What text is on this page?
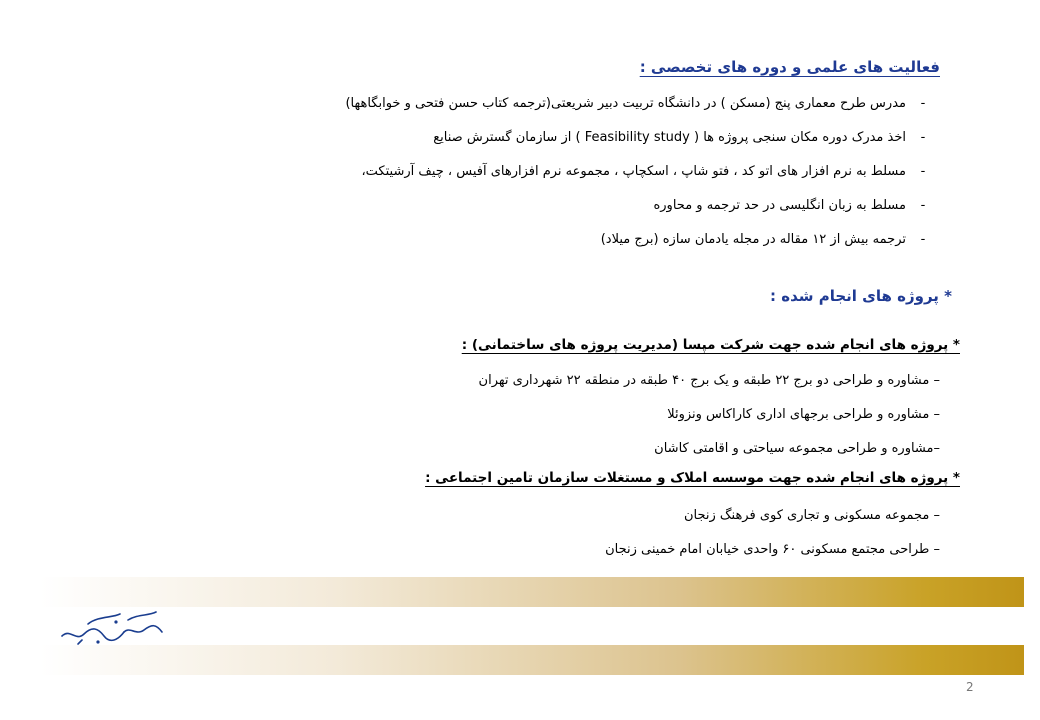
فعالیت های علمی و دوره های تخصصی :
-مدرس طرح معماری پنج (مسکن ) در دانشگاه تربیت دبیر شریعتی(ترجمه کتاب حسن فتحی و خوابگاهها)
-اخذ مدرک دوره مکان سنجی پروژه ها ( Feasibility study ) از سازمان گسترش صنایع
-مسلط به نرم افزار های اتو کد ، فتو شاپ ، اسکچاپ ، مجموعه نرم افزارهای آفیس ، چیف آرشیتکت،
-مسلط به زبان انگلیسی در حد ترجمه و محاوره
-ترجمه بیش از ۱۲ مقاله در مجله یادمان سازه (برج میلاد)
* پروژه های انجام شده :
* پروژه های انجام شده جهت شرکت مپسا (مدیریت پروژه های ساختمانی) :
– مشاوره و طراحی دو برج ۲۲ طبقه و یک برج ۴۰ طبقه در منطقه ۲۲ شهرداری تهران
– مشاوره و طراحی برجهای اداری کاراکاس ونزوئلا
–مشاوره و طراحی مجموعه سیاحتی و اقامتی کاشان
* پروژه های انجام شده جهت موسسه املاک و مستغلات سازمان تامین اجتماعی :
– مجموعه مسکونی و تجاری کوی فرهنگ زنجان
– طراحی مجتمع مسکونی ۶۰ واحدی خیابان امام خمینی زنجان
2
